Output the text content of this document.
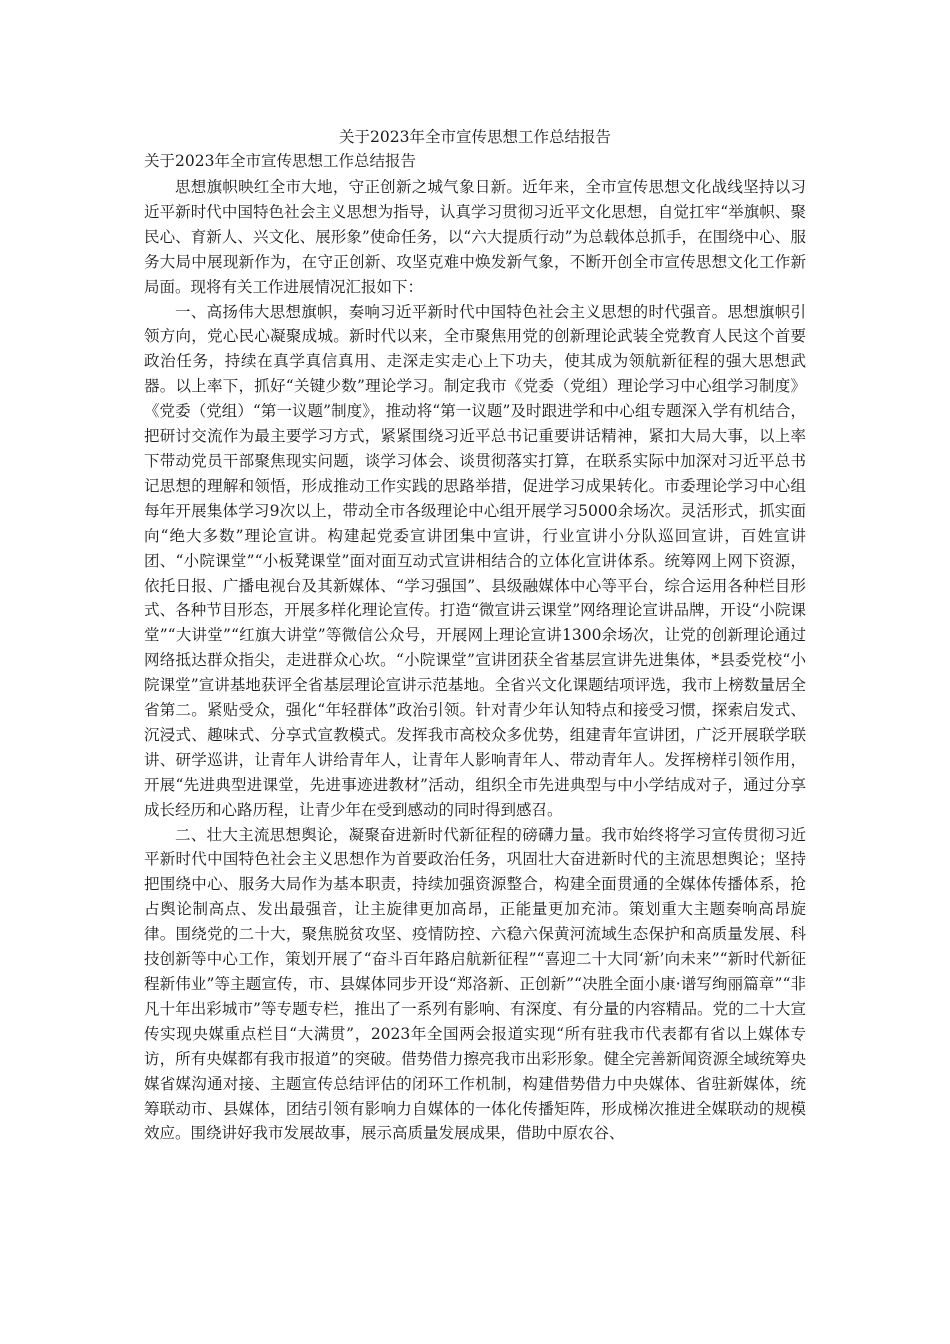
关于2023年全市宣传思想工作总结报告
关于2023年全市宣传思想工作总结报告

思想旗帜映红全市大地，守正创新之城气象日新。近年来，全市宣传思想文化战线坚持以习近平新时代中国特色社会主义思想为指导，认真学习贯彻习近平文化思想，自觉扛牢“举旗帜、聚民心、育新人、兴文化、展形象”使命任务，以“六大提质行动”为总载体总抓手，在围绕中心、服务大局中展现新作为，在守正创新、攻坚克难中焕发新气象，不断开创全市宣传思想文化工作新局面。现将有关工作进展情况汇报如下：

一、高扬伟大思想旗帜，奏响习近平新时代中国特色社会主义思想的时代强音。思想旗帜引领方向，党心民心凝聚成城。新时代以来，全市聚焦用党的创新理论武装全党教育人民这个首要政治任务，持续在真学真信真用、走深走实走心上下功夫，使其成为领航新征程的强大思想武器。以上率下，抓好“关键少数”理论学习。制定我市《党委（党组）理论学习中心组学习制度》《党委（党组）“第一议题”制度》，推动将“第一议题”及时跟进学和中心组专题深入学有机结合，把研讨交流作为最主要学习方式，紧紧围绕习近平总书记重要讲话精神，紧扣大局大事，以上率下带动党员干部聚焦现实问题，谈学习体会、谈贯彻落实打算，在联系实际中加深对习近平总书记思想的理解和领悟，形成推动工作实践的思路举措，促进学习成果转化。市委理论学习中心组每年开展集体学习9次以上，带动全市各级理论中心组开展学习5000余场次。灵活形式，抓实面向“绝大多数”理论宣讲。构建起党委宣讲团集中宣讲，行业宣讲小分队巡回宣讲，百姓宣讲团、“小院课堂”“小板凳课堂”面对面互动式宣讲相结合的立体化宣讲体系。统筹网上网下资源，依托日报、广播电视台及其新媒体、“学习强国”、县级融媒体中心等平台，综合运用各种栏目形式、各种节目形态，开展多样化理论宣传。打造“微宣讲云课堂”网络理论宣讲品牌，开设“小院课堂”“大讲堂”“红旗大讲堂”等微信公众号，开展网上理论宣讲1300余场次，让党的创新理论通过网络抵达群众指尖，走进群众心坎。“小院课堂”宣讲团获全省基层宣讲先进集体，*县委党校“小院课堂”宣讲基地获评全省基层理论宣讲示范基地。全省兴文化课题结项评选，我市上榜数量居全省第二。紧贴受众，强化“年轻群体”政治引领。针对青少年认知特点和接受习惯，探索启发式、沉浸式、趣味式、分享式宣教模式。发挥我市高校众多优势，组建青年宣讲团，广泛开展联学联讲、研学巡讲，让青年人讲给青年人，让青年人影响青年人、带动青年人。发挥榜样引领作用，开展“先进典型进课堂，先进事迹进教材”活动，组织全市先进典型与中小学结成对子，通过分享成长经历和心路历程，让青少年在受到感动的同时得到感召。

二、壮大主流思想舆论，凝聚奋进新时代新征程的磅礴力量。我市始终将学习宣传贯彻习近平新时代中国特色社会主义思想作为首要政治任务，巩固壮大奋进新时代的主流思想舆论；坚持把围绕中心、服务大局作为基本职责，持续加强资源整合，构建全面贯通的全媒体传播体系，抢占舆论制高点、发出最强音，让主旋律更加高昂，正能量更加充沛。策划重大主题奏响高昂旋律。围绕党的二十大，聚焦脱贫攻坚、疫情防控、六稳六保黄河流域生态保护和高质量发展、科技创新等中心工作，策划开展了“奋斗百年路启航新征程”“喜迎二十大同‘新’向未来”“新时代新征程新伟业”等主题宣传，市、县媒体同步开设“郑洛新、正创新”“决胜全面小康·谱写绚丽篇章”“非凡十年出彩城市”等专题专栏，推出了一系列有影响、有深度、有分量的内容精品。党的二十大宣传实现央媒重点栏目“大满贯”，2023年全国两会报道实现“所有驻我市代表都有省以上媒体专访，所有央媒都有我市报道”的突破。借势借力擦亮我市出彩形象。健全完善新闻资源全域统筹央媒省媒沟通对接、主题宣传总结评估的闭环工作机制，构建借势借力中央媒体、省驻新媒体，统筹联动市、县媒体，团结引领有影响力自媒体的一体化传播矩阵，形成梯次推进全媒联动的规模效应。围绕讲好我市发展故事，展示高质量发展成果，借助中原农谷、
